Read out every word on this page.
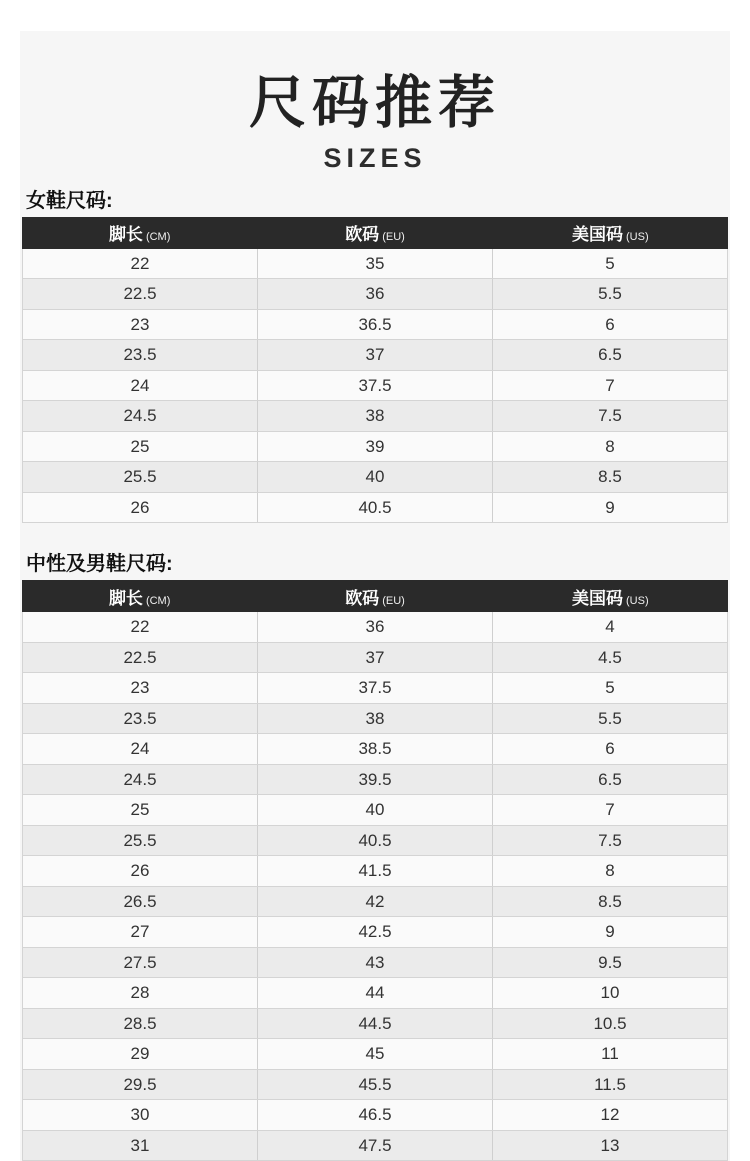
尺码推荐
SIZES
女鞋尺码:
脚长 (CM)	欧码 (EU)	美国码 (US)
22	35	5
22.5	36	5.5
23	36.5	6
23.5	37	6.5
24	37.5	7
24.5	38	7.5
25	39	8
25.5	40	8.5
26	40.5	9
中性及男鞋尺码:
脚长 (CM)	欧码 (EU)	美国码 (US)
22	36	4
22.5	37	4.5
23	37.5	5
23.5	38	5.5
24	38.5	6
24.5	39.5	6.5
25	40	7
25.5	40.5	7.5
26	41.5	8
26.5	42	8.5
27	42.5	9
27.5	43	9.5
28	44	10
28.5	44.5	10.5
29	45	11
29.5	45.5	11.5
30	46.5	12
31	47.5	13
